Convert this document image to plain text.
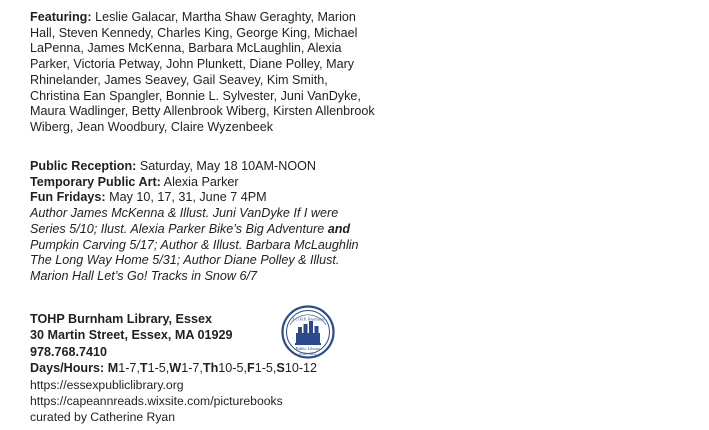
Featuring: Leslie Galacar, Martha Shaw Geraghty, Marion Hall, Steven Kennedy, Charles King, George King, Michael LaPenna, James McKenna, Barbara McLaughlin, Alexia Parker, Victoria Petway, John Plunkett, Diane Polley, Mary Rhinelander, James Seavey, Gail Seavey, Kim Smith, Christina Ean Spangler, Bonnie L. Sylvester, Juni VanDyke, Maura Wadlinger, Betty Allenbrook Wiberg, Kirsten Allenbrook Wiberg, Jean Woodbury, Claire Wyzenbeek

Public Reception: Saturday, May 18 10AM-NOON
Temporary Public Art: Alexia Parker
Fun Fridays: May 10, 17, 31, June 7 4PM

Author James McKenna & Illust. Juni VanDyke If I were Series 5/10; Ilust. Alexia Parker Bike’s Big Adventure and Pumpkin Carving 5/17; Author & Illust. Barbara McLaughlin The Long Way Home 5/31; Author Diane Polley & Illust. Marion Hall Let’s Go! Tracks in Snow 6/7

T.O.H.P. Burnham
Public Library
Essex, Mass.
TOHP Burnham Library, Essex
30 Martin Street, Essex, MA 01929
978.768.7410
Days/Hours: M1-7,T1-5,W1-7,Th10-5,F1-5,S10-12
https://essexpubliclibrary.org
https://capeannreads.wixsite.com/picturebooks
curated by Catherine Ryan
